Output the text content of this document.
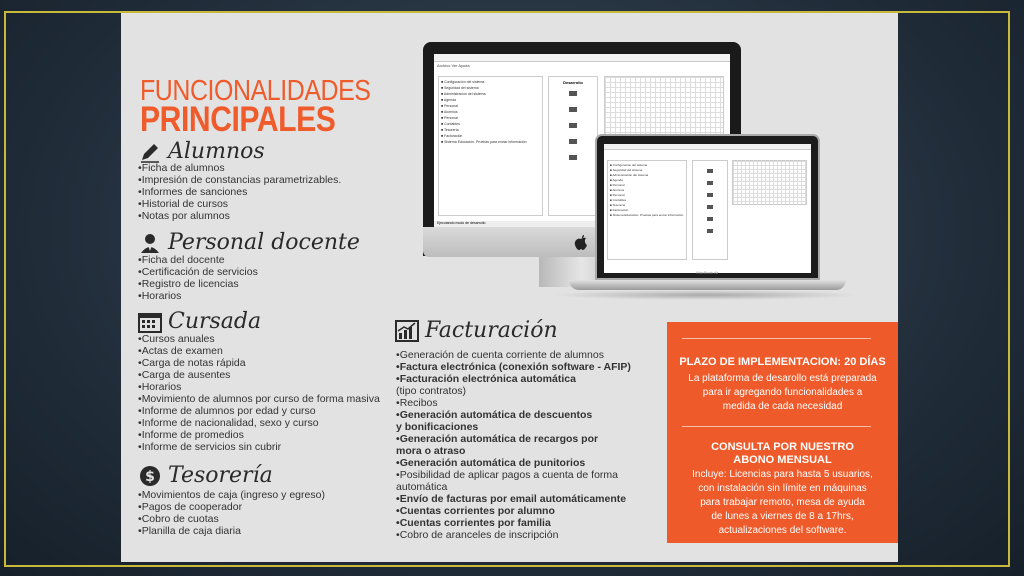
FUNCIONALIDADES
PRINCIPALES
Alumnos
• Ficha de alumnos
• Impresión de constancias parametrizables.
• Informes de sanciones
• Historial de cursos
• Notas por alumnos
Personal docente
• Ficha del docente
• Certificación de servicios
• Registro de licencias
• Horarios
Cursada
• Cursos anuales
• Actas de examen
• Carga de notas rápida
• Carga de ausentes
• Horarios
• Movimiento de alumnos por curso de forma masiva
• Informe de alumnos por edad y curso
• Informe de nacionalidad, sexo y curso
• Informe de promedios
• Informe de servicios sin cubrir
$ Tesorería
• Movimientos de caja (ingreso y egreso)
• Pagos de cooperador
• Cobro de cuotas
• Planilla de caja diaria
Facturación
• Generación de cuenta corriente de alumnos
• Factura electrónica (conexión software - AFIP)
• Facturación electrónica automática
(tipo contratos)
• Recibos
• Generación automática de descuentos
y bonificaciones
• Generación automática de recargos por
mora o atraso
• Generación automática de punitorios
• Posibilidad de aplicar pagos a cuenta de forma
automática
• Envío de facturas por email automáticamente
• Cuentas corrientes por alumno
• Cuentas corrientes por familia
• Cobro de aranceles de inscripción
PLAZO DE IMPLEMENTACION: 20 DÍAS
La plataforma de desarollo está preparada
para ir agregando funcionalidades a
medida de cada necesidad
CONSULTA POR NUESTRO
ABONO MENSUAL
Incluye: Licencias para hasta 5 usuarios,
con instalación sin límite en máquinas
para trabajar remoto, mesa de ayuda
de lunes a viernes de 8 a 17hrs,
actualizaciones del software.
Archivo Ver Ayuda
■ Configuración del sistema
■ Seguridad del sistema
■ Administración del sistema
■ Agenda
■ Personal
■ Alumnos
■ Personal
■ Contables
■ Tesorería
■ Facturación
■ Sistema Educación. Pruebas para enviar información
Desarrollo
Ejecutando modo de desarrollo
■ Configuración del sistema
■ Seguridad del sistema
■ Administración del sistema
■ Agenda
■ Personal
■ Alumnos
■ Personal
■ Contables
■ Tesorería
■ Facturación
■ Sistema Educación. Pruebas para enviar información
MacBook Air
